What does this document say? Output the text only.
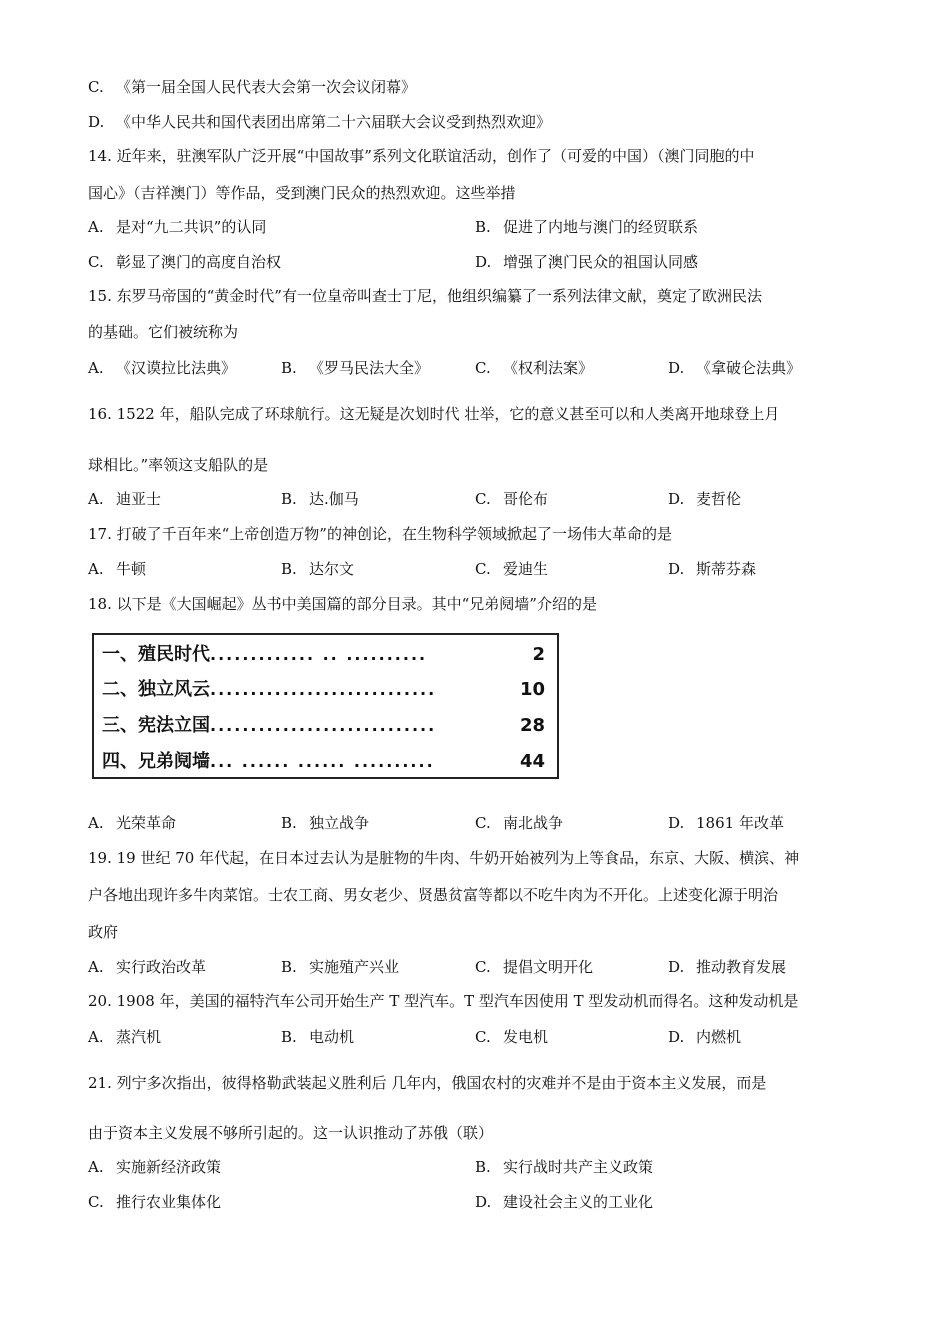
C. 《第一届全国人民代表大会第一次会议闭幕》
D. 《中华人民共和国代表团出席第二十六届联大会议受到热烈欢迎》
14. 近年来，驻澳军队广泛开展“中国故事”系列文化联谊活动，创作了（可爱的中国）（澳门同胞的中
国心》（吉祥澳门）等作品，受到澳门民众的热烈欢迎。这些举措
A. 是对“九二共识”的认同	B. 促进了内地与澳门的经贸联系
C. 彰显了澳门的高度自治权	D. 增强了澳门民众的祖国认同感
15. 东罗马帝国的“黄金时代”有一位皇帝叫查士丁尼，他组织编纂了一系列法律文献，奠定了欧洲民法
的基础。它们被统称为
A. 《汉谟拉比法典》	B. 《罗马民法大全》	C. 《权利法案》	D. 《拿破仑法典》
16. 1522 年，船队完成了环球航行。这无疑是次划时代 壮举，它的意义甚至可以和人类离开地球登上月
球相比。”率领这支船队的是
A. 迪亚士	B. 达.伽马	C. 哥伦布	D. 麦哲伦
17. 打破了千百年来“上帝创造万物”的神创论，在生物科学领域掀起了一场伟大革命的是
A. 牛顿	B. 达尔文	C. 爱迪生	D. 斯蒂芬森
18. 以下是《大国崛起》丛书中美国篇的部分目录。其中“兄弟阋墙”介绍的是
一、殖民时代 ............. .. ..........	2
二、独立风云 ............................	10
三、宪法立国 ............................	28
四、兄弟阋墙 ... ...... ...... ..........	44
A. 光荣革命	B. 独立战争	C. 南北战争	D. 1861 年改革
19. 19 世纪 70 年代起，在日本过去认为是脏物的牛肉、牛奶开始被列为上等食品，东京、大阪、横滨、神
户各地出现许多牛肉菜馆。士农工商、男女老少、贤愚贫富等都以不吃牛肉为不开化。上述变化源于明治
政府
A. 实行政治改革	B. 实施殖产兴业	C. 提倡文明开化	D. 推动教育发展
20. 1908 年，美国的福特汽车公司开始生产 T 型汽车。T 型汽车因使用 T 型发动机而得名。这种发动机是
A. 蒸汽机	B. 电动机	C. 发电机	D. 内燃机
21. 列宁多次指出，彼得格勒武装起义胜利后 几年内，俄国农村的灾难并不是由于资本主义发展，而是
由于资本主义发展不够所引起的。这一认识推动了苏俄（联）
A. 实施新经济政策	B. 实行战时共产主义政策
C. 推行农业集体化	D. 建设社会主义的工业化
